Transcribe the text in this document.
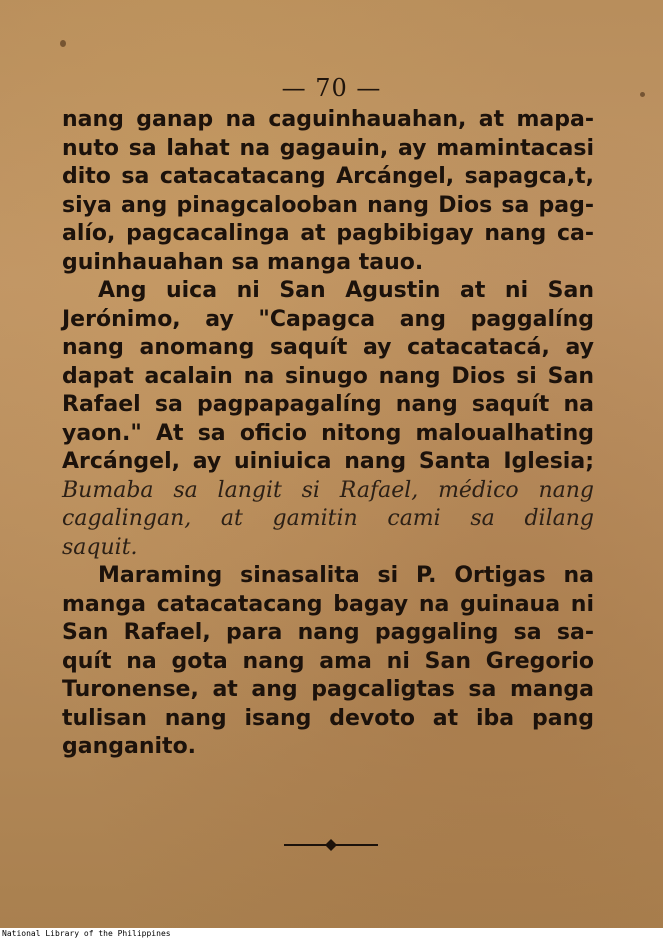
— 70 —
nang ganap na caguinhauahan, at mapa-
nuto sa lahat na gagauin, ay mamintacasi
dito sa catacatacang Arcángel, sapagca,t,
siya ang pinagcalooban nang Dios sa pag-
alío, pagcacalinga at pagbibigay nang ca-
guinhauahan sa manga tauo.
Ang uica ni San Agustin at ni San
Jerónimo, ay "Capagca ang paggalíng
nang anomang saquít ay catacatacá, ay
dapat acalain na sinugo nang Dios si San
Rafael sa pagpapagalíng nang saquít na
yaon." At sa oficio nitong maloualhating
Arcángel, ay uiniuica nang Santa Iglesia;
Bumaba sa langit si Rafael, médico nang
cagalingan, at gamitin cami sa dilang
saquit.
Maraming sinasalita si P. Ortigas na
manga catacatacang bagay na guinaua ni
San Rafael, para nang paggaling sa sa-
quít na gota nang ama ni San Gregorio
Turonense, at ang pagcaligtas sa manga
tulisan nang isang devoto at iba pang
ganganito.
National Library of the Philippines
